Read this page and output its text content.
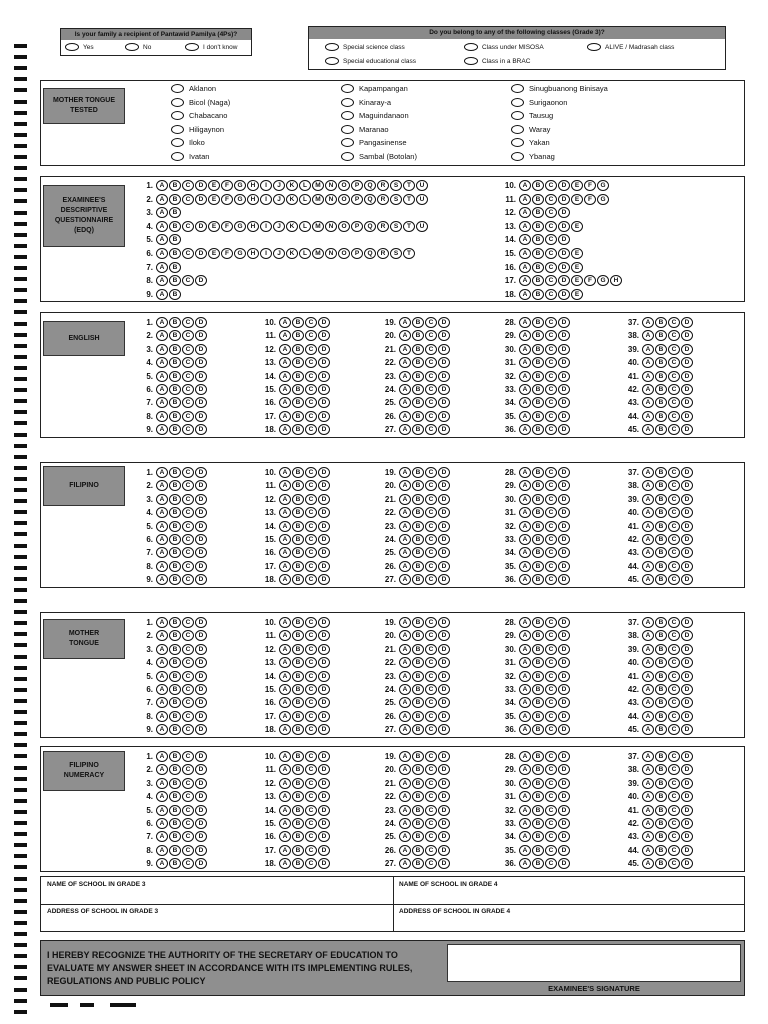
Is your family a recipient of Pantawid Pamilya (4Ps)?
Yes	No	I don't know
Do you belong to any of the following classes (Grade 3)?
Special science class	Class under MISOSA	ALIVE / Madrasah class
Special educational class	Class in a BRAC
MOTHER TONGUE
TESTED
Aklanon
Bicol (Naga)
Chabacano
Hiligaynon
Iloko
Ivatan
Kapampangan
Kinaray-a
Maguindanaon
Maranao
Pangasinense
Sambal (Botolan)
Sinugbuanong Binisaya
Surigaonon
Tausug
Waray
Yakan
Ybanag
EXAMINEE'S
DESCRIPTIVE
QUESTIONNAIRE
(EDQ)
1.	A	B	C	D	E	F	G	H	I	J	K	L	M	N	O	P	Q	R	S	T	U
2.	A	B	C	D	E	F	G	H	I	J	K	L	M	N	O	P	Q	R	S	T	U
3.	A	B
4.	A	B	C	D	E	F	G	H	I	J	K	L	M	N	O	P	Q	R	S	T	U
5.	A	B
6.	A	B	C	D	E	F	G	H	I	J	K	L	M	N	O	P	Q	R	S	T
7.	A	B
8.	A	B	C	D
9.	A	B
10.	A	B	C	D	E	F	G
11.	A	B	C	D	E	F	G
12.	A	B	C	D
13.	A	B	C	D	E
14.	A	B	C	D
15.	A	B	C	D	E
16.	A	B	C	D	E
17.	A	B	C	D	E	F	G	H
18.	A	B	C	D	E
ENGLISH
1.	A	B	C	D
2.	A	B	C	D
3.	A	B	C	D
4.	A	B	C	D
5.	A	B	C	D
6.	A	B	C	D
7.	A	B	C	D
8.	A	B	C	D
9.	A	B	C	D
10.	A	B	C	D
11.	A	B	C	D
12.	A	B	C	D
13.	A	B	C	D
14.	A	B	C	D
15.	A	B	C	D
16.	A	B	C	D
17.	A	B	C	D
18.	A	B	C	D
19.	A	B	C	D
20.	A	B	C	D
21.	A	B	C	D
22.	A	B	C	D
23.	A	B	C	D
24.	A	B	C	D
25.	A	B	C	D
26.	A	B	C	D
27.	A	B	C	D
28.	A	B	C	D
29.	A	B	C	D
30.	A	B	C	D
31.	A	B	C	D
32.	A	B	C	D
33.	A	B	C	D
34.	A	B	C	D
35.	A	B	C	D
36.	A	B	C	D
37.	A	B	C	D
38.	A	B	C	D
39.	A	B	C	D
40.	A	B	C	D
41.	A	B	C	D
42.	A	B	C	D
43.	A	B	C	D
44.	A	B	C	D
45.	A	B	C	D
FILIPINO
1.	A	B	C	D
2.	A	B	C	D
3.	A	B	C	D
4.	A	B	C	D
5.	A	B	C	D
6.	A	B	C	D
7.	A	B	C	D
8.	A	B	C	D
9.	A	B	C	D
10.	A	B	C	D
11.	A	B	C	D
12.	A	B	C	D
13.	A	B	C	D
14.	A	B	C	D
15.	A	B	C	D
16.	A	B	C	D
17.	A	B	C	D
18.	A	B	C	D
19.	A	B	C	D
20.	A	B	C	D
21.	A	B	C	D
22.	A	B	C	D
23.	A	B	C	D
24.	A	B	C	D
25.	A	B	C	D
26.	A	B	C	D
27.	A	B	C	D
28.	A	B	C	D
29.	A	B	C	D
30.	A	B	C	D
31.	A	B	C	D
32.	A	B	C	D
33.	A	B	C	D
34.	A	B	C	D
35.	A	B	C	D
36.	A	B	C	D
37.	A	B	C	D
38.	A	B	C	D
39.	A	B	C	D
40.	A	B	C	D
41.	A	B	C	D
42.	A	B	C	D
43.	A	B	C	D
44.	A	B	C	D
45.	A	B	C	D
MOTHER
TONGUE
1.	A	B	C	D
2.	A	B	C	D
3.	A	B	C	D
4.	A	B	C	D
5.	A	B	C	D
6.	A	B	C	D
7.	A	B	C	D
8.	A	B	C	D
9.	A	B	C	D
10.	A	B	C	D
11.	A	B	C	D
12.	A	B	C	D
13.	A	B	C	D
14.	A	B	C	D
15.	A	B	C	D
16.	A	B	C	D
17.	A	B	C	D
18.	A	B	C	D
19.	A	B	C	D
20.	A	B	C	D
21.	A	B	C	D
22.	A	B	C	D
23.	A	B	C	D
24.	A	B	C	D
25.	A	B	C	D
26.	A	B	C	D
27.	A	B	C	D
28.	A	B	C	D
29.	A	B	C	D
30.	A	B	C	D
31.	A	B	C	D
32.	A	B	C	D
33.	A	B	C	D
34.	A	B	C	D
35.	A	B	C	D
36.	A	B	C	D
37.	A	B	C	D
38.	A	B	C	D
39.	A	B	C	D
40.	A	B	C	D
41.	A	B	C	D
42.	A	B	C	D
43.	A	B	C	D
44.	A	B	C	D
45.	A	B	C	D
FILIPINO
NUMERACY
1.	A	B	C	D
2.	A	B	C	D
3.	A	B	C	D
4.	A	B	C	D
5.	A	B	C	D
6.	A	B	C	D
7.	A	B	C	D
8.	A	B	C	D
9.	A	B	C	D
10.	A	B	C	D
11.	A	B	C	D
12.	A	B	C	D
13.	A	B	C	D
14.	A	B	C	D
15.	A	B	C	D
16.	A	B	C	D
17.	A	B	C	D
18.	A	B	C	D
19.	A	B	C	D
20.	A	B	C	D
21.	A	B	C	D
22.	A	B	C	D
23.	A	B	C	D
24.	A	B	C	D
25.	A	B	C	D
26.	A	B	C	D
27.	A	B	C	D
28.	A	B	C	D
29.	A	B	C	D
30.	A	B	C	D
31.	A	B	C	D
32.	A	B	C	D
33.	A	B	C	D
34.	A	B	C	D
35.	A	B	C	D
36.	A	B	C	D
37.	A	B	C	D
38.	A	B	C	D
39.	A	B	C	D
40.	A	B	C	D
41.	A	B	C	D
42.	A	B	C	D
43.	A	B	C	D
44.	A	B	C	D
45.	A	B	C	D
NAME OF SCHOOL IN GRADE 3	NAME OF SCHOOL IN GRADE 4
ADDRESS OF SCHOOL IN GRADE 3	ADDRESS OF SCHOOL IN GRADE 4
I HEREBY RECOGNIZE THE AUTHORITY OF THE SECRETARY OF EDUCATION TO EVALUATE MY ANSWER SHEET IN ACCORDANCE WITH ITS IMPLEMENTING RULES, REGULATIONS AND PUBLIC POLICY
EXAMINEE'S SIGNATURE
